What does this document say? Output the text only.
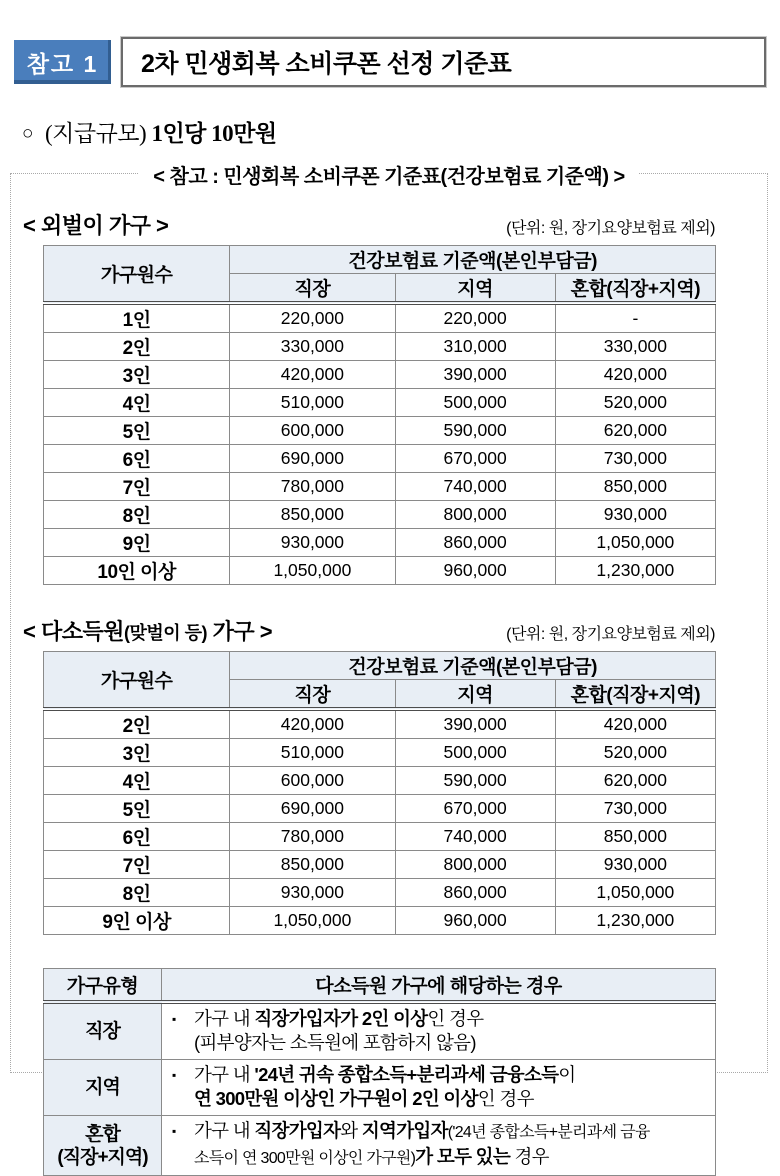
참고 1	2차 민생회복 소비쿠폰 선정 기준표
○ (지급규모) 1인당 10만원
< 참고 : 민생회복 소비쿠폰 기준표(건강보험료 기준액) >
< 외벌이 가구 >	(단위: 원, 장기요양보험료 제외)
가구원수	건강보험료 기준액(본인부담금)		
	직장	지역	혼합(직장+지역)
1인	220,000	220,000	-
2인	330,000	310,000	330,000
3인	420,000	390,000	420,000
4인	510,000	500,000	520,000
5인	600,000	590,000	620,000
6인	690,000	670,000	730,000
7인	780,000	740,000	850,000
8인	850,000	800,000	930,000
9인	930,000	860,000	1,050,000
10인 이상	1,050,000	960,000	1,230,000
< 다소득원(맞벌이 등) 가구 >	(단위: 원, 장기요양보험료 제외)
가구원수	건강보험료 기준액(본인부담금)		
	직장	지역	혼합(직장+지역)
2인	420,000	390,000	420,000
3인	510,000	500,000	520,000
4인	600,000	590,000	620,000
5인	690,000	670,000	730,000
6인	780,000	740,000	850,000
7인	850,000	800,000	930,000
8인	930,000	860,000	1,050,000
9인 이상	1,050,000	960,000	1,230,000
가구유형	다소득원 가구에 해당하는 경우

직장	▪ 가구 내 직장가입자가 2인 이상인 경우
(피부양자는 소득원에 포함하지 않음)

지역	▪ 가구 내 '24년 귀속 종합소득+분리과세 금융소득이
연 300만원 이상인 가구원이 2인 이상인 경우

혼합
(직장+지역)

▪ 가구 내 직장가입자와 지역가입자('24년 종합소득+분리과세 금융
소득이 연 300만원 이상인 가구원)가 모두 있는 경우
